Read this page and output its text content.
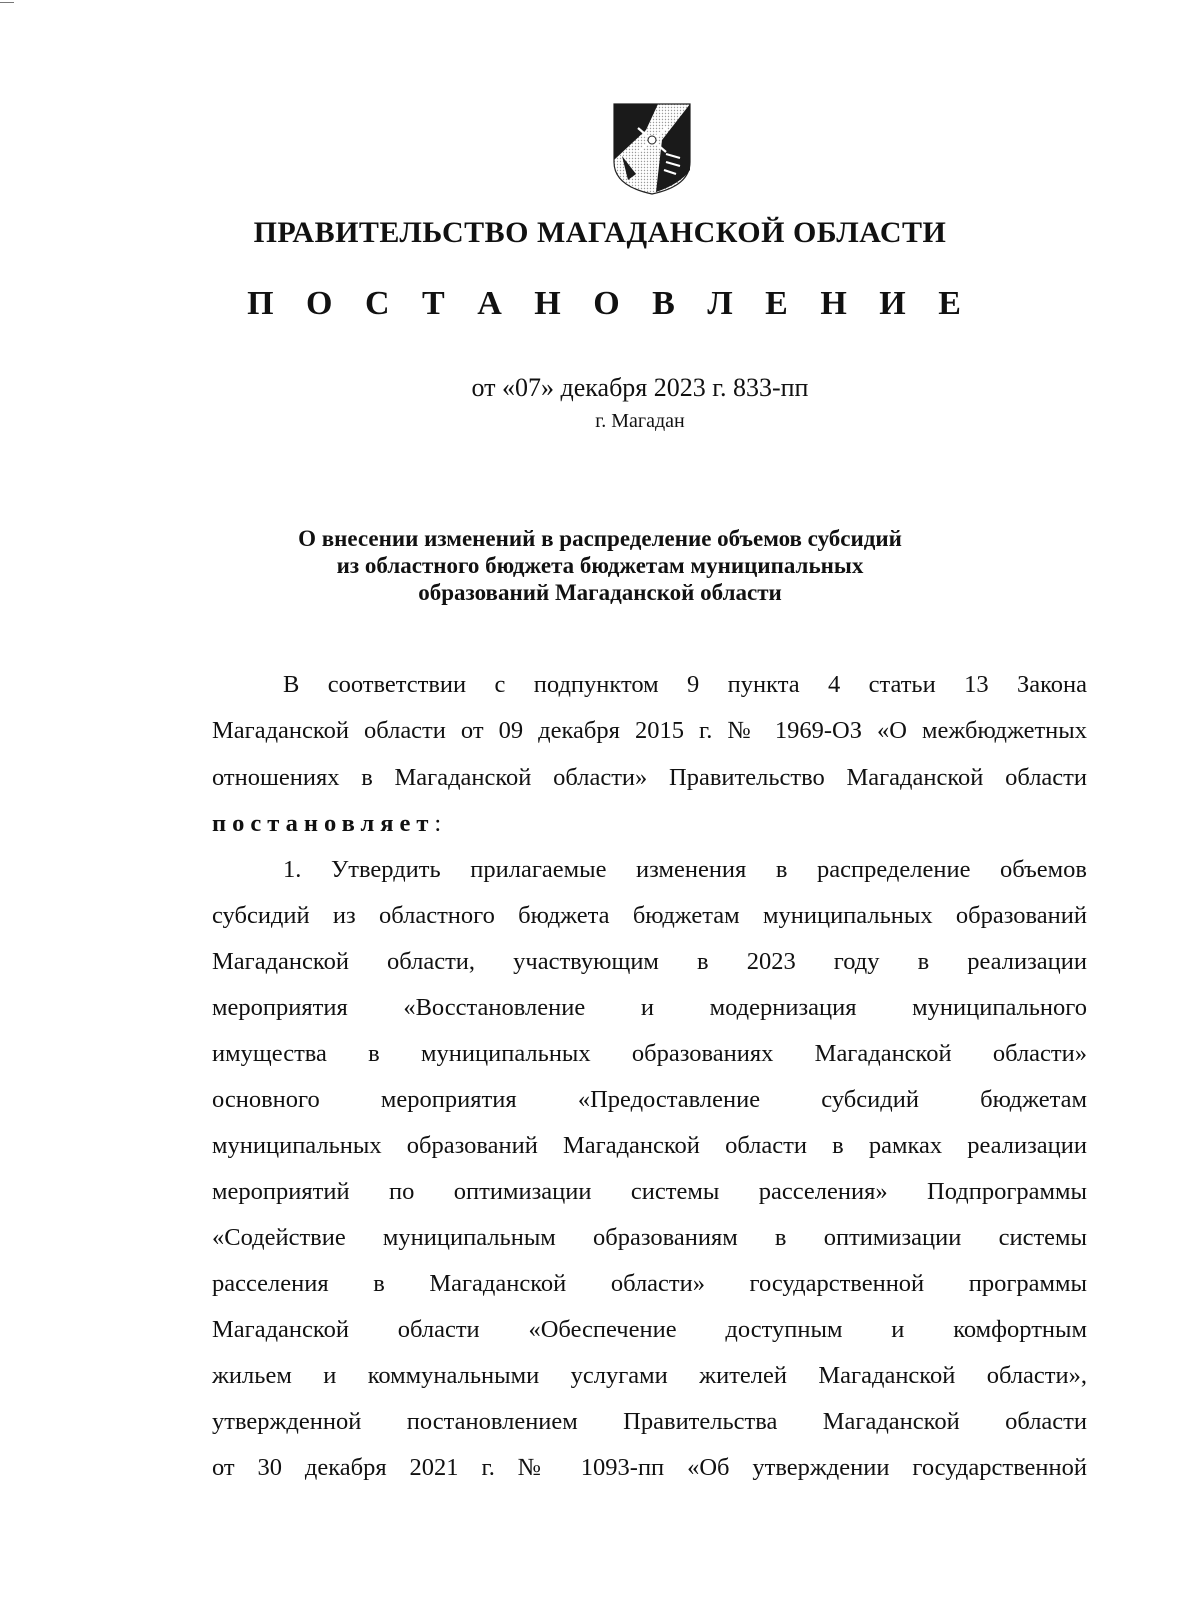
ПРАВИТЕЛЬСТВО МАГАДАНСКОЙ ОБЛАСТИ
П О С Т А Н О В Л Е Н И Е
от «07» декабря 2023 г. 833-пп
г. Магадан
О внесении изменений в распределение объемов субсидий
из областного бюджета бюджетам муниципальных
образований Магаданской области
В соответствии с подпунктом 9 пункта 4 статьи 13 Закона
Магаданской области от 09 декабря 2015 г. № 1969-ОЗ «О межбюджетных
отношениях в Магаданской области» Правительство Магаданской области
постановляет:
1. Утвердить прилагаемые изменения в распределение объемов
субсидий из областного бюджета бюджетам муниципальных образований
Магаданской области, участвующим в 2023 году в реализации
мероприятия «Восстановление и модернизация муниципального
имущества в муниципальных образованиях Магаданской области»
основного мероприятия «Предоставление субсидий бюджетам
муниципальных образований Магаданской области в рамках реализации
мероприятий по оптимизации системы расселения» Подпрограммы
«Содействие муниципальным образованиям в оптимизации системы
расселения в Магаданской области» государственной программы
Магаданской области «Обеспечение доступным и комфортным
жильем и коммунальными услугами жителей Магаданской области»,
утвержденной постановлением Правительства Магаданской области
от 30 декабря 2021 г. № 1093-пп «Об утверждении государственной
